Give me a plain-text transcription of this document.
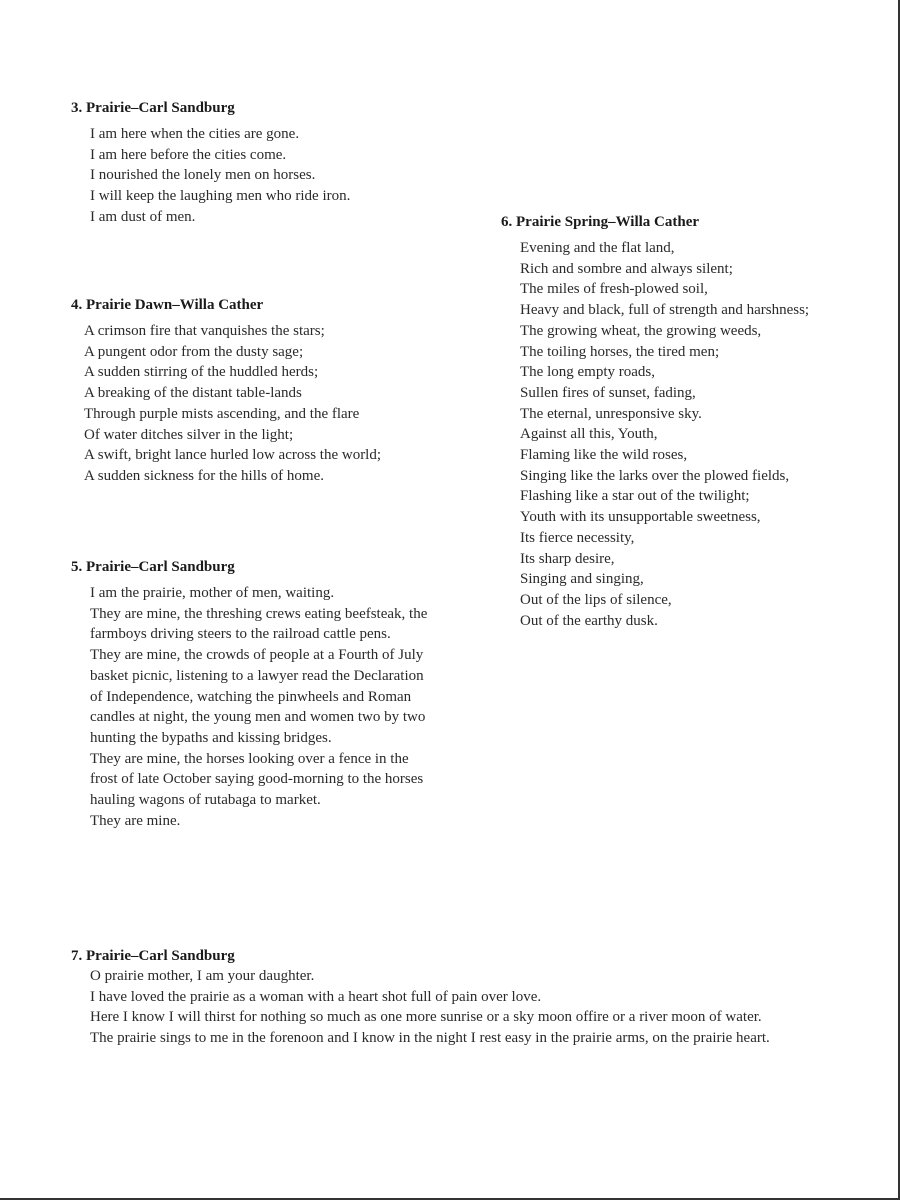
3. Prairie–Carl Sandburg
I am here when the cities are gone.
I am here before the cities come.
I nourished the lonely men on horses.
I will keep the laughing men who ride iron.
I am dust of men.
4. Prairie Dawn–Willa Cather
A crimson fire that vanquishes the stars;
A pungent odor from the dusty sage;
A sudden stirring of the huddled herds;
A breaking of the distant table-lands
Through purple mists ascending, and the flare
Of water ditches silver in the light;
A swift, bright lance hurled low across the world;
A sudden sickness for the hills of home.
5. Prairie–Carl Sandburg
I am the prairie, mother of men, waiting.
They are mine, the threshing crews eating beefsteak, the
farmboys driving steers to the railroad cattle pens.
They are mine, the crowds of people at a Fourth of July
basket picnic, listening to a lawyer read the Declaration
of Independence, watching the pinwheels and Roman
candles at night, the young men and women two by two
hunting the bypaths and kissing bridges.
They are mine, the horses looking over a fence in the
frost of late October saying good-morning to the horses
hauling wagons of rutabaga to market.
They are mine.
6. Prairie Spring–Willa Cather
Evening and the flat land,
Rich and sombre and always silent;
The miles of fresh-plowed soil,
Heavy and black, full of strength and harshness;
The growing wheat, the growing weeds,
The toiling horses, the tired men;
The long empty roads,
Sullen fires of sunset, fading,
The eternal, unresponsive sky.
Against all this, Youth,
Flaming like the wild roses,
Singing like the larks over the plowed fields,
Flashing like a star out of the twilight;
Youth with its unsupportable sweetness,
Its fierce necessity,
Its sharp desire,
Singing and singing,
Out of the lips of silence,
Out of the earthy dusk.
7. Prairie–Carl Sandburg
O prairie mother, I am your daughter.
I have loved the prairie as a woman with a heart shot full of pain over love.
Here I know I will thirst for nothing so much as one more sunrise or a sky moon offire or a river moon of water.
The prairie sings to me in the forenoon and I know in the night I rest easy in the prairie arms, on the prairie heart.
